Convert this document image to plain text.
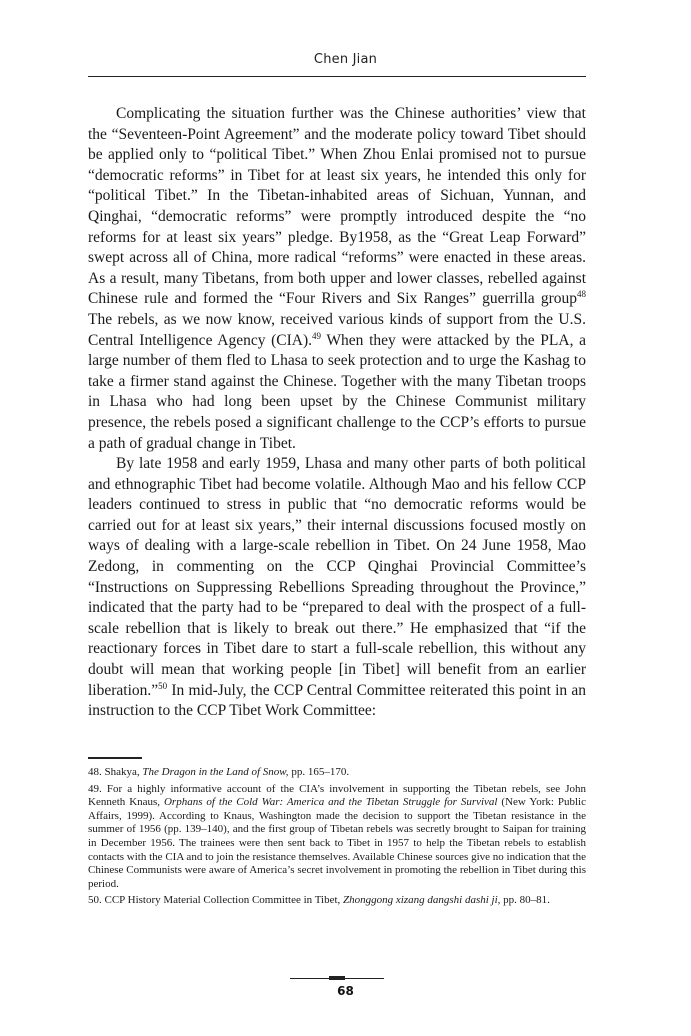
Chen Jian

Complicating the situation further was the Chinese authorities’ view that the “Seventeen-Point Agreement” and the moderate policy toward Tibet should be applied only to “political Tibet.” When Zhou Enlai promised not to pursue “democratic reforms” in Tibet for at least six years, he intended this only for “political Tibet.” In the Tibetan-inhabited areas of Sichuan, Yunnan, and Qinghai, “democratic reforms” were promptly introduced despite the “no reforms for at least six years” pledge. By1958, as the “Great Leap Forward” swept across all of China, more radical “reforms” were enacted in these areas. As a result, many Tibetans, from both upper and lower classes, rebelled against Chinese rule and formed the “Four Rivers and Six Ranges” guerrilla group$^{48}$ The rebels, as we now know, received various kinds of support from the U.S. Central Intelligence Agency (CIA).$^{49}$ When they were attacked by the PLA, a large number of them fled to Lhasa to seek protection and to urge the Kashag to take a firmer stand against the Chinese. Together with the many Tibetan troops in Lhasa who had long been upset by the Chinese Communist military presence, the rebels posed a significant challenge to the CCP’s efforts to pursue a path of gradual change in Tibet.

By late 1958 and early 1959, Lhasa and many other parts of both political and ethnographic Tibet had become volatile. Although Mao and his fellow CCP leaders continued to stress in public that “no democratic reforms would be carried out for at least six years,” their internal discussions focused mostly on ways of dealing with a large-scale rebellion in Tibet. On 24 June 1958, Mao Zedong, in commenting on the CCP Qinghai Provincial Committee’s “Instructions on Suppressing Rebellions Spreading throughout the Province,” indicated that the party had to be “prepared to deal with the prospect of a full-scale rebellion that is likely to break out there.” He emphasized that “if the reactionary forces in Tibet dare to start a full-scale rebellion, this without any doubt will mean that working people [in Tibet] will benefit from an earlier liberation.”$^{50}$ In mid-July, the CCP Central Committee reiterated this point in an instruction to the CCP Tibet Work Committee:

48. Shakya, The Dragon in the Land of Snow, pp. 165–170.

49. For a highly informative account of the CIA’s involvement in supporting the Tibetan rebels, see John Kenneth Knaus, Orphans of the Cold War: America and the Tibetan Struggle for Survival (New York: Public Affairs, 1999). According to Knaus, Washington made the decision to support the Tibetan resistance in the summer of 1956 (pp. 139–140), and the first group of Tibetan rebels was secretly brought to Saipan for training in December 1956. The trainees were then sent back to Tibet in 1957 to help the Tibetan rebels to establish contacts with the CIA and to join the resistance themselves. Available Chinese sources give no indication that the Chinese Communists were aware of America’s secret involvement in promoting the rebellion in Tibet during this period.

50. CCP History Material Collection Committee in Tibet, Zhonggong xizang dangshi dashi ji, pp. 80–81.

68
